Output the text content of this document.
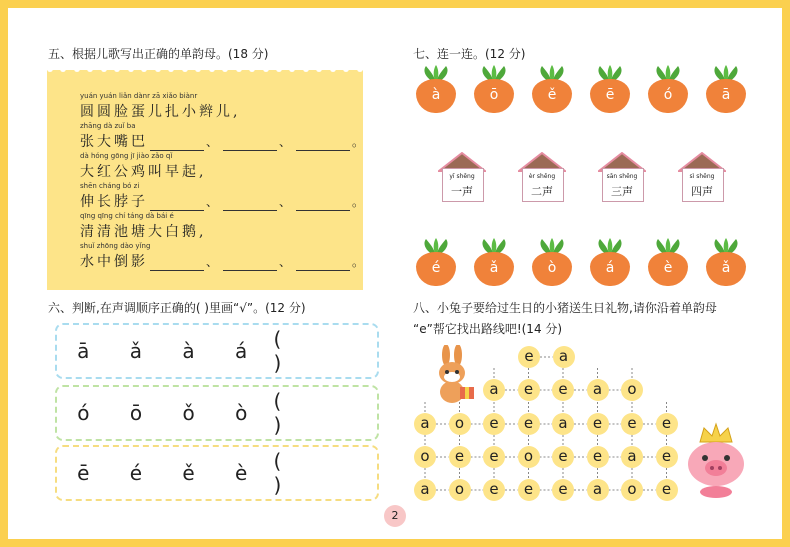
五、根据儿歌写出正确的单韵母。(18 分)
yuán yuán liǎn dànr zā xiǎo biànr
圆圆脸蛋儿扎小辫儿,
zhāng dà zuǐ ba
张大嘴巴	、	、	。
dà hóng gōng jī jiào zǎo qǐ
大红公鸡叫早起,
shēn cháng bó zi
伸长脖子	、	、	。
qīng qīng chí táng dà bái é
清清池塘大白鹅,
shuǐ zhōng dào yǐng
水中倒影	、	、	。
六、判断,在声调顺序正确的( )里画“√”。(12 分)
ā	ǎ	à	á	( )
ó	ō	ǒ	ò	( )
ē	é	ě	è	( )
七、连一连。(12 分)
à	ō	ě	ē	ó	ā
yī shēng
一声
èr shēng
二声
sān shēng
三声
sì shēng
四声
é	ǎ	ò	á	è	ǎ
八、小兔子要给过生日的小猪送生日礼物,请你沿着单韵母
“e”帮它找出路线吧!(14 分)
e	a
a	e	e	a	o
a	o	e	e	a	e	e	e
o	e	e	o	e	e	a	e
a	o	e	e	e	a	o	e
2
